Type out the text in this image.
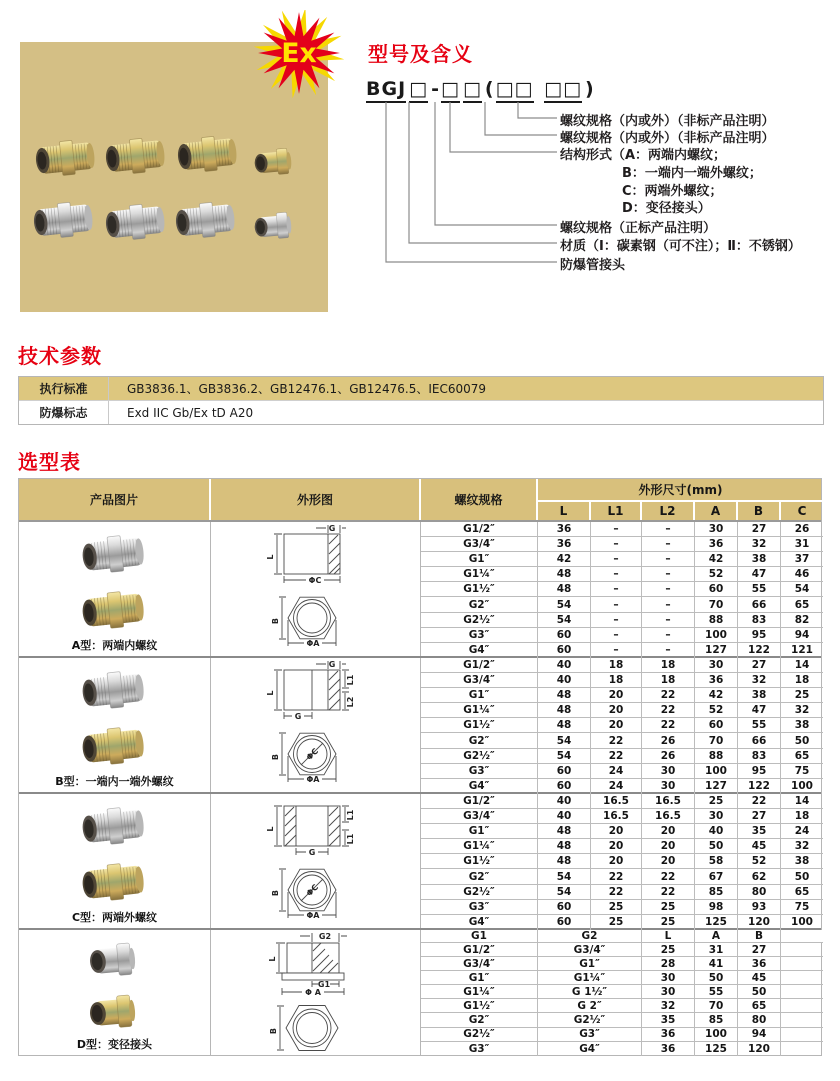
Ex	型号及含义
BGJ □ -□ □ (□□ □□ )
螺纹规格（内或外）（非标产品注明）
螺纹规格（内或外）（非标产品注明）
结构形式（A：两端内螺纹；
B：一端内一端外螺纹；
C：两端外螺纹；
D：变径接头）
螺纹规格（正标产品注明）
材质（Ⅰ：碳素钢（可不注）；Ⅱ：不锈钢）
防爆管接头
技术参数
执行标准	GB3836.1、GB3836.2、GB12476.1、GB12476.5、IEC60079
防爆标志	Exd IIC Gb/Ex tD A20
选型表
产品图片	外形图	螺纹规格
外形尺寸(mm)
L	L1	L2	A	B	C
A型：两端内螺纹
G
L
ΦC
B
ΦA
G1/2″	36	–	–	30	27	26
G3/4″	36	–	–	36	32	31
G1″	42	–	–	42	38	37
G1¼″	48	–	–	52	47	46
G1½″	48	–	–	60	55	54
G2″	54	–	–	70	66	65
G2½″	54	–	–	88	83	82
G3″	60	–	–	100	95	94
G4″	60	–	–	127	122	121
B型：一端内一端外螺纹
G
L
L1
L2
G
B	ΦC
ΦA
G1/2″	40	18	18	30	27	14
G3/4″	40	18	18	36	32	18
G1″	48	20	22	42	38	25
G1¼″	48	20	22	52	47	32
G1½″	48	20	22	60	55	38
G2″	54	22	26	70	66	50
G2½″	54	22	26	88	83	65
G3″	60	24	30	100	95	75
G4″	60	24	30	127	122	100
C型：两端外螺纹
L
L1
L1
G
B	ΦC
ΦA
G1/2″	40	16.5	16.5	25	22	14
G3/4″	40	16.5	16.5	30	27	18
G1″	48	20	20	40	35	24
G1¼″	48	20	20	50	45	32
G1½″	48	20	20	58	52	38
G2″	54	22	22	67	62	50
G2½″	54	22	22	85	80	65
G3″	60	25	25	98	93	75
G4″	60	25	25	125	120	100
D型：变径接头
G2
L
G1
Φ A
B
G1	G2	L	A	B
G1/2″	G3/4″	25	31	27
G3/4″	G1″	28	41	36
G1″	G1¼″	30	50	45
G1¼″	G 1½″	30	55	50
G1½″	G 2″	32	70	65
G2″	G2½″	35	85	80
G2½″	G3″	36	100	94
G3″	G4″	36	125	120
